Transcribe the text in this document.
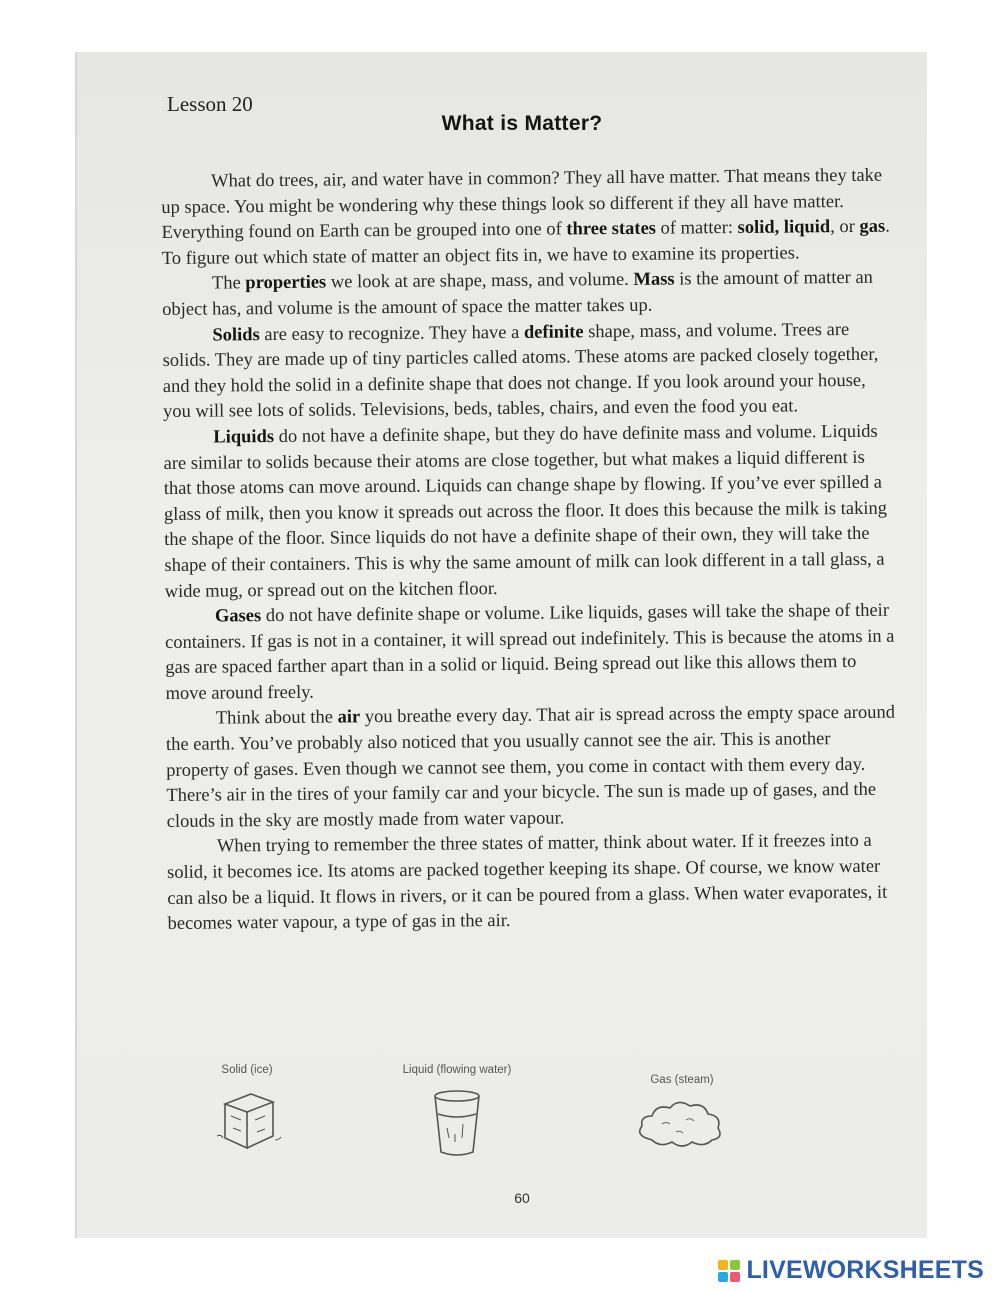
Lesson 20
What is Matter?

What do trees, air, and water have in common? They all have matter. That means they take up space. You might be wondering why these things look so different if they all have matter. Everything found on Earth can be grouped into one of three states of matter: solid, liquid, or gas. To figure out which state of matter an object fits in, we have to examine its properties.

The properties we look at are shape, mass, and volume. Mass is the amount of matter an object has, and volume is the amount of space the matter takes up.

Solids are easy to recognize. They have a definite shape, mass, and volume. Trees are solids. They are made up of tiny particles called atoms. These atoms are packed closely together, and they hold the solid in a definite shape that does not change. If you look around your house, you will see lots of solids. Televisions, beds, tables, chairs, and even the food you eat.

Liquids do not have a definite shape, but they do have definite mass and volume. Liquids are similar to solids because their atoms are close together, but what makes a liquid different is that those atoms can move around. Liquids can change shape by flowing. If you’ve ever spilled a glass of milk, then you know it spreads out across the floor. It does this because the milk is taking the shape of the floor. Since liquids do not have a definite shape of their own, they will take the shape of their containers. This is why the same amount of milk can look different in a tall glass, a wide mug, or spread out on the kitchen floor.

Gases do not have definite shape or volume. Like liquids, gases will take the shape of their containers. If gas is not in a container, it will spread out indefinitely. This is because the atoms in a gas are spaced farther apart than in a solid or liquid. Being spread out like this allows them to move around freely.

Think about the air you breathe every day. That air is spread across the empty space around the earth. You’ve probably also noticed that you usually cannot see the air. This is another property of gases. Even though we cannot see them, you come in contact with them every day. There’s air in the tires of your family car and your bicycle. The sun is made up of gases, and the clouds in the sky are mostly made from water vapour.

When trying to remember the three states of matter, think about water. If it freezes into a solid, it becomes ice. Its atoms are packed together keeping its shape. Of course, we know water can also be a liquid. It flows in rivers, or it can be poured from a glass. When water evaporates, it becomes water vapour, a type of gas in the air.

Solid (ice)	Liquid (flowing water)
Gas (steam)
60
LIVEWORKSHEETS
